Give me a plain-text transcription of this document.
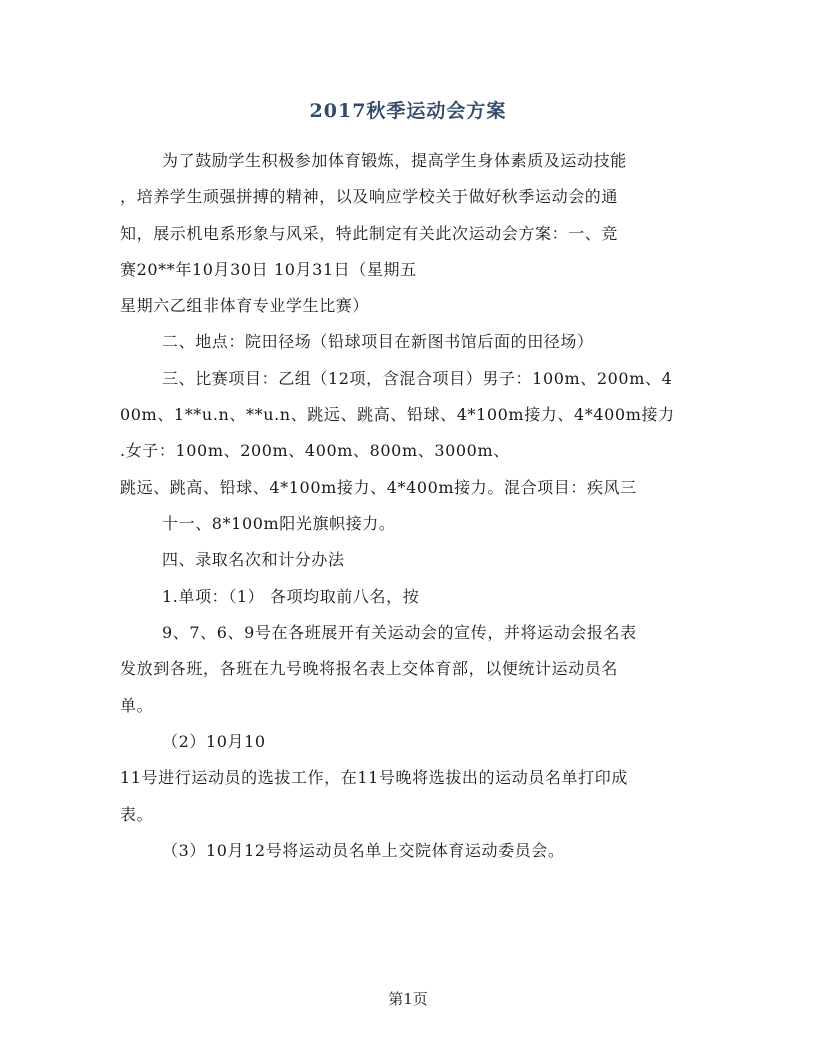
2017秋季运动会方案
为了鼓励学生积极参加体育锻炼，提高学生身体素质及运动技能
，培养学生顽强拼搏的精神，以及响应学校关于做好秋季运动会的通
知，展示机电系形象与风采，特此制定有关此次运动会方案：一、竞
赛20**年10月30日 10月31日（星期五
星期六乙组非体育专业学生比赛）
二、地点：院田径场（铅球项目在新图书馆后面的田径场）
三、比赛项目：乙组（12项，含混合项目）男子：100m、200m、4
00m、1**u.n、**u.n、跳远、跳高、铅球、4*100m接力、4*400m接力
.女子：100m、200m、400m、800m、3000m、
跳远、跳高、铅球、4*100m接力、4*400m接力。混合项目：疾风三
十一、8*100m阳光旗帜接力。
四、录取名次和计分办法
1.单项：（1） 各项均取前八名，按
9、7、6、9号在各班展开有关运动会的宣传，并将运动会报名表
发放到各班，各班在九号晚将报名表上交体育部，以便统计运动员名
单。
（2）10月10
11号进行运动员的选拔工作，在11号晚将选拔出的运动员名单打印成
表。
（3）10月12号将运动员名单上交院体育运动委员会。
第1页
